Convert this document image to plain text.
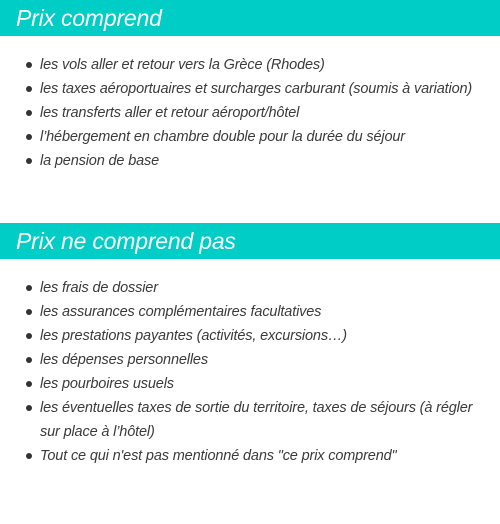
Prix comprend
les vols aller et retour vers la Grèce (Rhodes)
les taxes aéroportuaires et surcharges carburant (soumis à variation)
les transferts aller et retour aéroport/hôtel
l’hébergement en chambre double pour la durée du séjour
la pension de base
Prix ne comprend pas
les frais de dossier
les assurances complémentaires facultatives
les prestations payantes (activités, excursions…)
les dépenses personnelles
les pourboires usuels
les éventuelles taxes de sortie du territoire, taxes de séjours (à régler sur place à l’hôtel)
Tout ce qui n'est pas mentionné dans "ce prix comprend"
